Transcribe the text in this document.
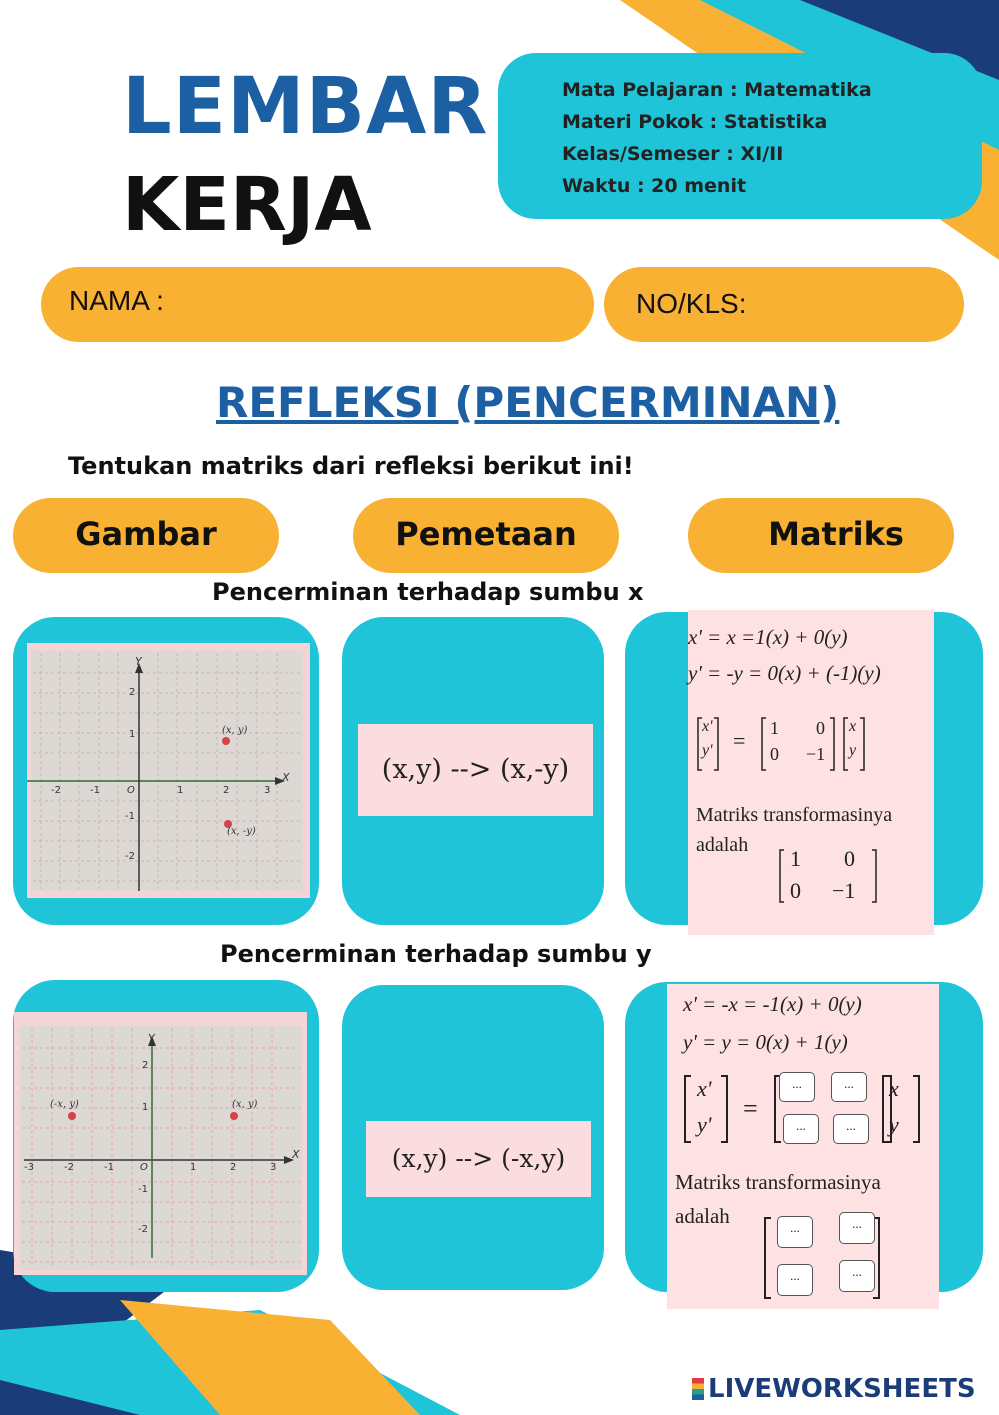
LEMBAR
KERJA
Mata Pelajaran : Matematika
Materi Pokok : Statistika
Kelas/Semeser : XI/II
Waktu : 20 menit
NAMA :	NO/KLS:
REFLEKSI (PENCERMINAN)
Tentukan matriks dari refleksi berikut ini!
Gambar	Pemetaan	Matriks
Pencerminan terhadap sumbu x
(x, y)
(x, -y)
X
Y
-2	-1	O	1	2	3
2
1
-1
-2
(x,y) --> (x,-y)
x' = x =1(x) + 0(y)
y' = -y = 0(x) + (-1)(y)
x'
y' = 1 0
0 −1
x
y
Matriks transformasinya
adalah
1 0
0 −1
Pencerminan terhadap sumbu y
(-x, y)	(x, y)
X
Y
-3	-2	-1	O	1	2	3
2
1
-1
-2
(x,y) --> (-x,y)
x' = -x = -1(x) + 0(y)
y' = y = 0(x) + 1(y)
x'
y'
=
...	...
...	...
x
y
Matriks transformasinya
adalah	...	...
...	...
LIVEWORKSHEETS
